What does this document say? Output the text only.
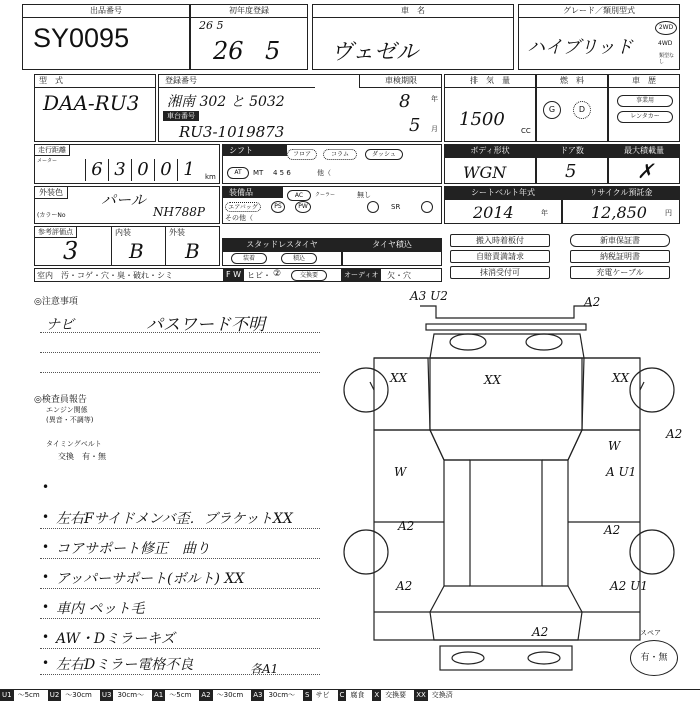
出品番号
SY0095
初年度登録
26 5
26 5
車　名
ヴェゼル
グレード／類別型式
ハイブリッド
2WD
4WD
類型なし
型　式
DAA-RU3
登録番号
湘南 302 と 5032
車台番号
RU3-1019873
車検期限
8	年
5 月
排　気　量
1500
CC
燃　料
G	D
車　歴
事業用
レンタカー
走行距離
メーター	6 3 0 0 1	km
シフト	フロア	コラム	ダッシュ
AT	MT 4 5 6	他（
ボディ形状
WGN
ドア数
5
最大積載量
✗
外装色	パール
(カラーNo	NH788P
装備品	AC	クーラー	無し
エアバッグ	PS	PW	SR
その他（
シートベルト年式
2014	年
リサイクル預託金
12,850	円
参考評価点
3
内装
B
外装
B	スタッドレスタイヤ
装着	積込
タイヤ積込	搬入時着板付
自賠責満請求
抹消受付可
新車保証書
納税証明書
充電ケーブル
室内　汚・コゲ・穴・臭・破れ・シミ	F W ヒビ・ ②	交換要	オーディオ	欠・穴
◎注意事項
ナビ	パスワード不明
◎検査員報告
エンジン関係
(異音・不調等)
タイミングベルト
交換　有・無
•
• 左右Fサイドメンバ歪．ブラケットXX
• コアサポート修正　曲り
• アッパーサポート(ボルト) XX
• 車内 ペット毛
• AW・Dミラーキズ
• 左右Dミラー電格不良	各A1
A3 U2	A2
XX	XX	XX
W
W
A U1
A2	A2
A2	A2 U1
A2
A2	スペア
有・無
U1 ～5cm U2 ～30cm U3 30cm～ A1 ～5cm A2 ～30cm A3 30cm～ S サビ C 腐食 X 交換要 XX 交換済
